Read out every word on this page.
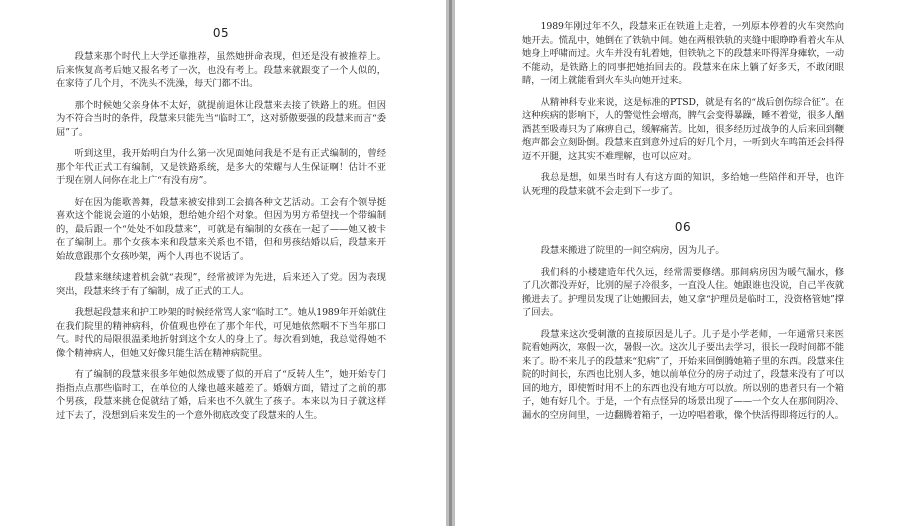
05

段慧来那个时代上大学还靠推荐，虽然她拼命表现，但还是没有被推荐上。后来恢复高考后她又报名考了一次，也没有考上。段慧来就跟变了一个人似的，在家待了几个月，不洗头不洗澡，每天门都不出。

那个时候她父亲身体不太好，就提前退休让段慧来去接了铁路上的班。但因为不符合当时的条件，段慧来只能先当“临时工”，这对骄傲要强的段慧来而言“委屈”了。

听到这里，我开始明白为什么第一次见面她问我是不是有正式编制的，曾经那个年代正式工有编制，又是铁路系统，是多大的荣耀与人生保证啊！估计不亚于现在别人问你在北上广“有没有房”。

好在因为能歌善舞，段慧来被安排到工会搞各种文艺活动。工会有个领导挺喜欢这个能说会道的小姑娘，想给她介绍个对象。但因为男方希望找一个带编制的，最后跟一个“处处不如段慧来”，可就是有编制的女孩在一起了——她又被卡在了编制上。那个女孩本来和段慧来关系也不错，但和男孩结婚以后，段慧来开始故意跟那个女孩吵架，两个人再也不说话了。

段慧来继续逮着机会就“表现”，经常被评为先进，后来还入了党。因为表现突出，段慧来终于有了编制，成了正式的工人。

我想起段慧来和护工吵架的时候经常骂人家“临时工”。她从1989年开始就住在我们院里的精神病科，价值观也停在了那个年代，可见她依然咽不下当年那口气。时代的局限很温柔地折射到这个女人的身上了。每次看到她，我总觉得她不像个精神病人，但她又好像只能生活在精神病院里。

有了编制的段慧来很多年她似然成婴了似的开启了“反转人生”，她开始专门指指点点那些临时工，在单位的人缘也越来越差了。婚姻方面，错过了之前的那个男孩，段慧来挑仓促就结了婚，后来也不久就生了孩子。本来以为日子就这样过下去了，没想到后来发生的一个意外彻底改变了段慧来的人生。

1989年刚过年不久，段慧来正在铁道上走着，一列原本停着的火车突然向她开去。慌乱中，她倒在了铁轨中间。她在两根铁轨的夹缝中眼睁睁看着火车从她身上呼啸而过。火车并没有轧着她，但铁轨之下的段慧来吓得浑身瘫软，一动不能动，是铁路上的同事把她抬回去的。段慧来在床上躺了好多天，不敢闭眼睛，一闭上就能看到火车头向她开过来。

从精神科专业来说，这是标准的PTSD，就是有名的“战后创伤综合征”。在这种疾病的影响下，人的警觉性会增高，脾气会变得暴躁，睡不着觉，很多人酗酒甚至吸毒只为了麻痹自己，缓解痛苦。比如，很多经历过战争的人后来回到鞭炮声都会立刻卧倒。段慧来直到意外过后的好几个月，一听到火车鸣笛还会抖得迈不开腿，这其实不难理解，也可以应对。

我总是想，如果当时有人有这方面的知识，多给她一些陪伴和开导，也许认死理的段慧来就不会走到下一步了。

06

段慧来搬进了院里的一间空病房，因为儿子。

我们科的小楼建造年代久远，经常需要修缮。那间病房因为暖气漏水，修了几次都没弄好，比别的屋子冷很多，一直没人住。她跟谁也没说，自己半夜就搬进去了。护理员发现了让她搬回去，她又拿“护理员是临时工，没资格管她”撑了回去。

段慧来这次受刺激的直接原因是儿子。儿子是小学老师，一年通常只来医院看她两次，寒假一次，暑假一次。这次儿子要出去学习，很长一段时间都不能来了。盼不来儿子的段慧来“犯病”了，开始来回倒腾她箱子里的东西。段慧来住院的时间长，东西也比别人多，她以前单位分的房子动过了，段慧来没有了可以回的地方，即使暂时用不上的东西也没有地方可以放。所以别的患者只有一个箱子，她有好几个。于是，一个有点怪异的场景出现了——一个女人在那间阴冷、漏水的空房间里，一边翻腾着箱子，一边哼唱着歌，像个快活得即将远行的人。
